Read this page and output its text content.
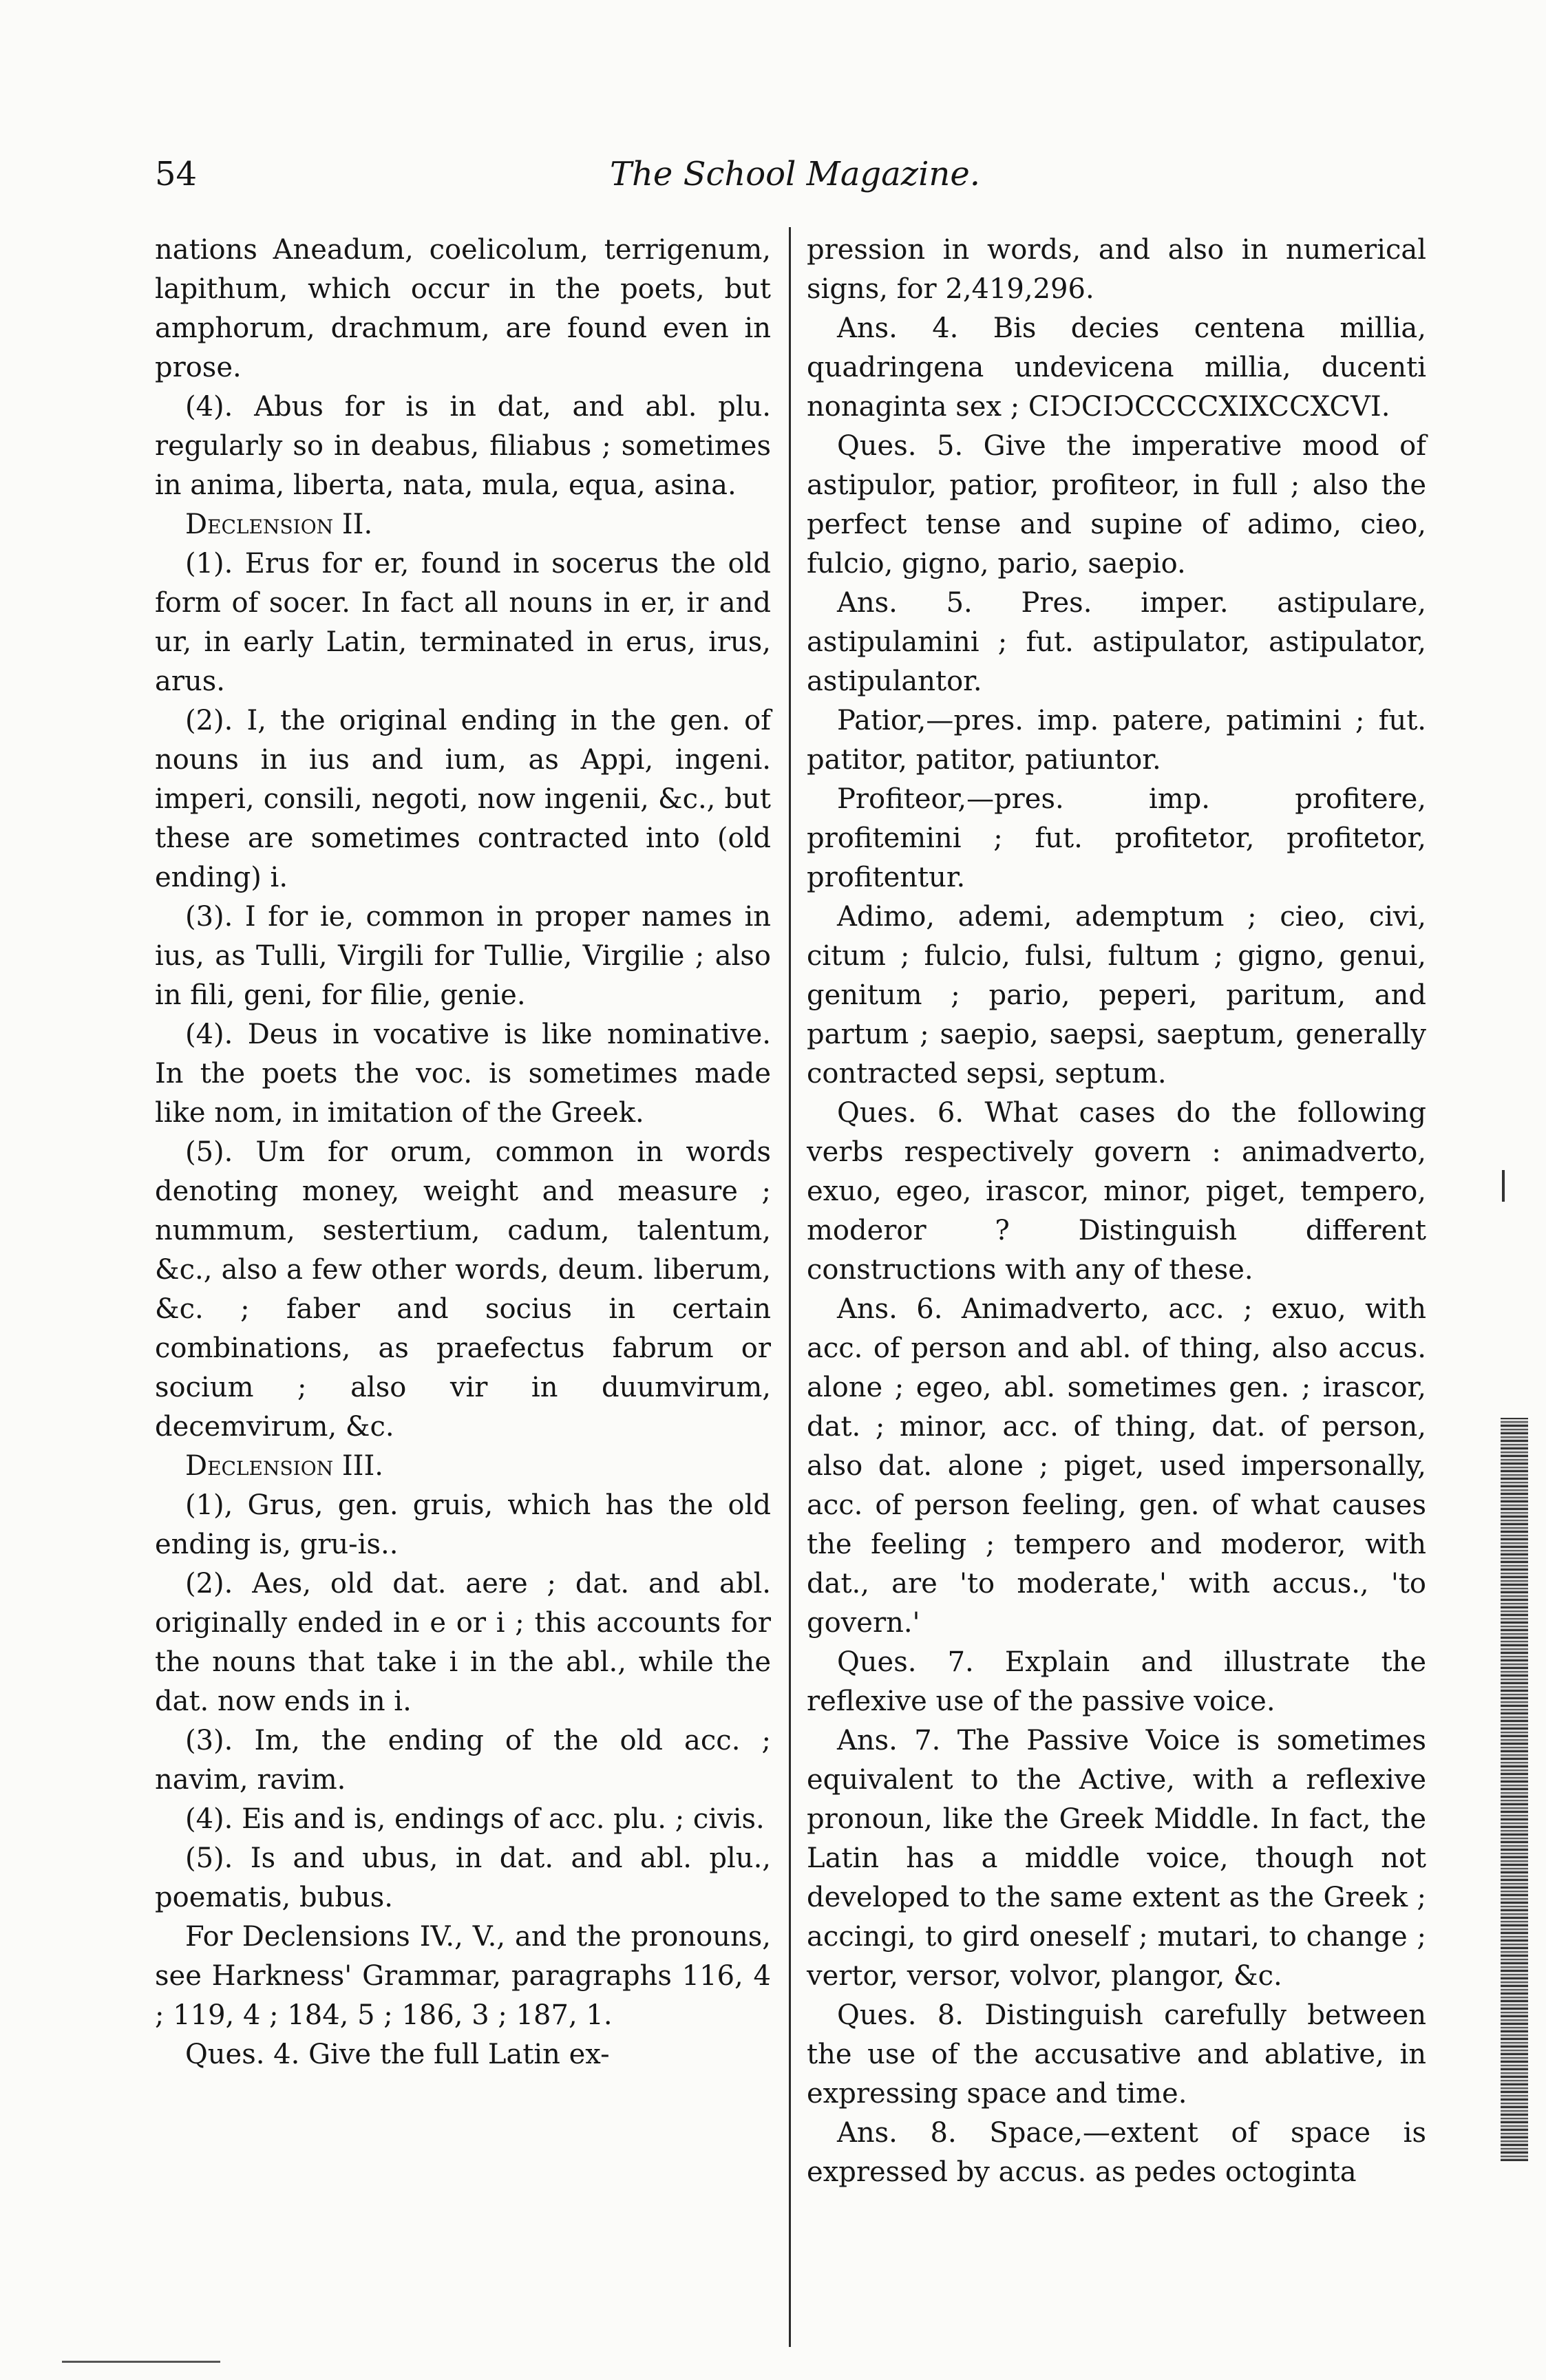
54	The School Magazine.

nations Aneadum, coelicolum, terrigenum, lapithum, which occur in the poets, but amphorum, drachmum, are found even in prose.

(4). Abus for is in dat, and abl. plu. regularly so in deabus, filiabus ; sometimes in anima, liberta, nata, mula, equa, asina.

Declension II.

(1). Erus for er, found in socerus the old form of socer. In fact all nouns in er, ir and ur, in early Latin, terminated in erus, irus, arus.

(2). I, the original ending in the gen. of nouns in ius and ium, as Appi, ingeni. imperi, consili, negoti, now ingenii, &c., but these are sometimes contracted into (old ending) i.

(3). I for ie, common in proper names in ius, as Tulli, Virgili for Tullie, Virgilie ; also in fili, geni, for filie, genie.

(4). Deus in vocative is like nominative. In the poets the voc. is sometimes made like nom, in imitation of the Greek.

(5). Um for orum, common in words denoting money, weight and measure ; nummum, sestertium, cadum, talentum, &c., also a few other words, deum. liberum, &c. ; faber and socius in certain combinations, as praefectus fabrum or socium ; also vir in duumvirum, decemvirum, &c.

Declension III.

(1), Grus, gen. gruis, which has the old ending is, gru-is..

(2). Aes, old dat. aere ; dat. and abl. originally ended in e or i ; this accounts for the nouns that take i in the abl., while the dat. now ends in i.

(3). Im, the ending of the old acc. ; navim, ravim.

(4). Eis and is, endings of acc. plu. ; civis.

(5). Is and ubus, in dat. and abl. plu., poematis, bubus.

For Declensions IV., V., and the pronouns, see Harkness' Grammar, paragraphs 116, 4 ; 119, 4 ; 184, 5 ; 186, 3 ; 187, 1.

Ques. 4. Give the full Latin ex-

pression in words, and also in numerical signs, for 2,419,296.

Ans. 4. Bis decies centena millia, quadringena undevicena millia, ducenti nonaginta sex ; CIↃCIↃCCCCXIXCCXCVI.

Ques. 5. Give the imperative mood of astipulor, patior, profiteor, in full ; also the perfect tense and supine of adimo, cieo, fulcio, gigno, pario, saepio.

Ans. 5. Pres. imper. astipulare, astipulamini ; fut. astipulator, astipulator, astipulantor.

Patior,—pres. imp. patere, patimini ; fut. patitor, patitor, patiuntor.

Profiteor,—pres. imp. profitere, profitemini ; fut. profitetor, profitetor, profitentur.

Adimo, ademi, ademptum ; cieo, civi, citum ; fulcio, fulsi, fultum ; gigno, genui, genitum ; pario, peperi, paritum, and partum ; saepio, saepsi, saeptum, generally contracted sepsi, septum.

Ques. 6. What cases do the following verbs respectively govern : animadverto, exuo, egeo, irascor, minor, piget, tempero, moderor ? Distinguish different constructions with any of these.

Ans. 6. Animadverto, acc. ; exuo, with acc. of person and abl. of thing, also accus. alone ; egeo, abl. sometimes gen. ; irascor, dat. ; minor, acc. of thing, dat. of person, also dat. alone ; piget, used impersonally, acc. of person feeling, gen. of what causes the feeling ; tempero and moderor, with dat., are 'to moderate,' with accus., 'to govern.'

Ques. 7. Explain and illustrate the reflexive use of the passive voice.

Ans. 7. The Passive Voice is sometimes equivalent to the Active, with a reflexive pronoun, like the Greek Middle. In fact, the Latin has a middle voice, though not developed to the same extent as the Greek ; accingi, to gird oneself ; mutari, to change ; vertor, versor, volvor, plangor, &c.

Ques. 8. Distinguish carefully between the use of the accusative and ablative, in expressing space and time.

Ans. 8. Space,—extent of space is expressed by accus. as pedes octoginta
